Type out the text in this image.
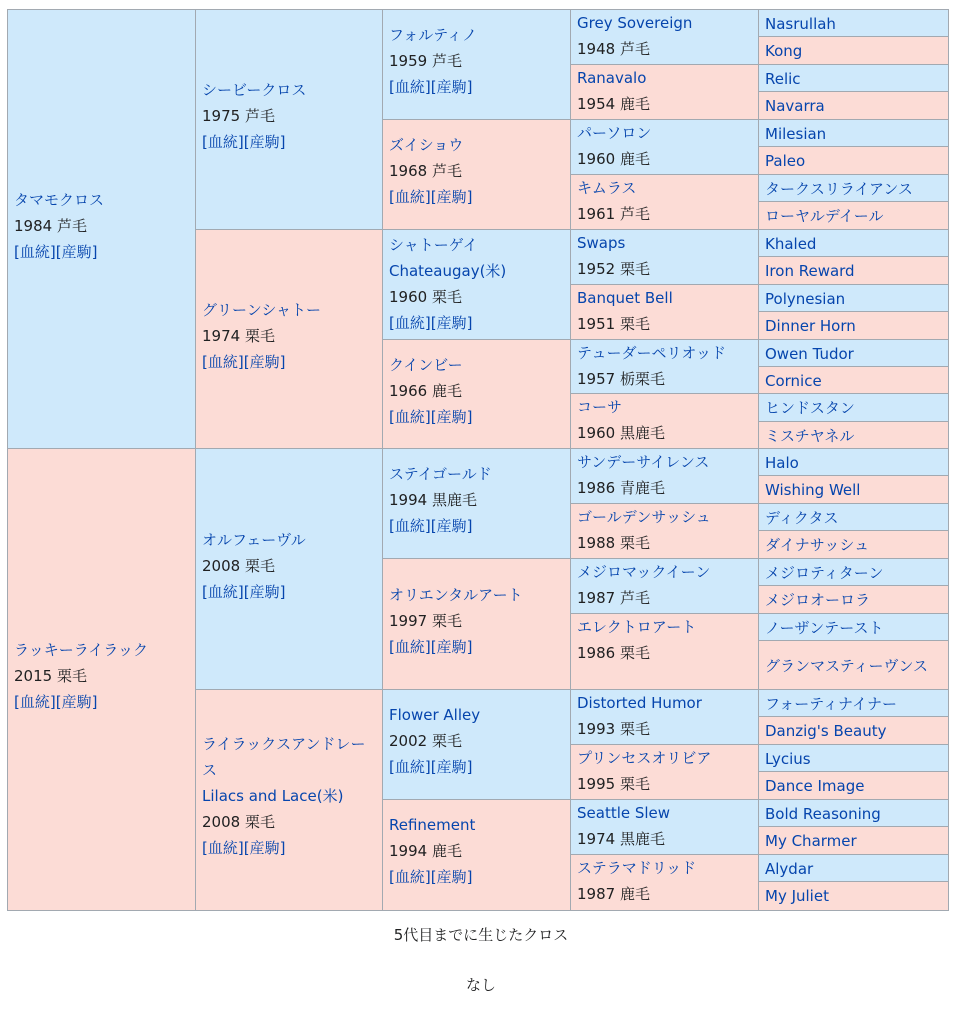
タマモクロス
1984 芦毛
[血統][産駒]
ラッキーライラック
2015 栗毛
[血統][産駒]
シービークロス
1975 芦毛
[血統][産駒]
グリーンシャトー
1974 栗毛
[血統][産駒]
オルフェーヴル
2008 栗毛
[血統][産駒]
ライラックスアンドレース
Lilacs and Lace(米)
2008 栗毛
[血統][産駒]
フォルティノ
1959 芦毛
[血統][産駒]
ズイショウ
1968 芦毛
[血統][産駒]
シャトーゲイ
Chateaugay(米)
1960 栗毛
[血統][産駒]
クインビー
1966 鹿毛
[血統][産駒]
ステイゴールド
1994 黒鹿毛
[血統][産駒]
オリエンタルアート
1997 栗毛
[血統][産駒]
Flower Alley
2002 栗毛
[血統][産駒]
Refinement
1994 鹿毛
[血統][産駒]
Grey Sovereign
1948 芦毛
Ranavalo
1954 鹿毛
パーソロン
1960 鹿毛
キムラス
1961 芦毛
Swaps
1952 栗毛
Banquet Bell
1951 栗毛
テューダーペリオッド
1957 栃栗毛
コーサ
1960 黒鹿毛
サンデーサイレンス
1986 青鹿毛
ゴールデンサッシュ
1988 栗毛
メジロマックイーン
1987 芦毛
エレクトロアート
1986 栗毛
Distorted Humor
1993 栗毛
プリンセスオリビア
1995 栗毛
Seattle Slew
1974 黒鹿毛
ステラマドリッド
1987 鹿毛
Nasrullah
Kong
Relic
Navarra
Milesian
Paleo
タークスリライアンス
ローヤルデイール
Khaled
Iron Reward
Polynesian
Dinner Horn
Owen Tudor
Cornice
ヒンドスタン
ミスチヤネル
Halo
Wishing Well
ディクタス
ダイナサッシュ
メジロティターン
メジロオーロラ
ノーザンテースト
グランマスティーヴンス
フォーティナイナー
Danzig's Beauty
Lycius
Dance Image
Bold Reasoning
My Charmer
Alydar
My Juliet
5代目までに生じたクロス
なし
